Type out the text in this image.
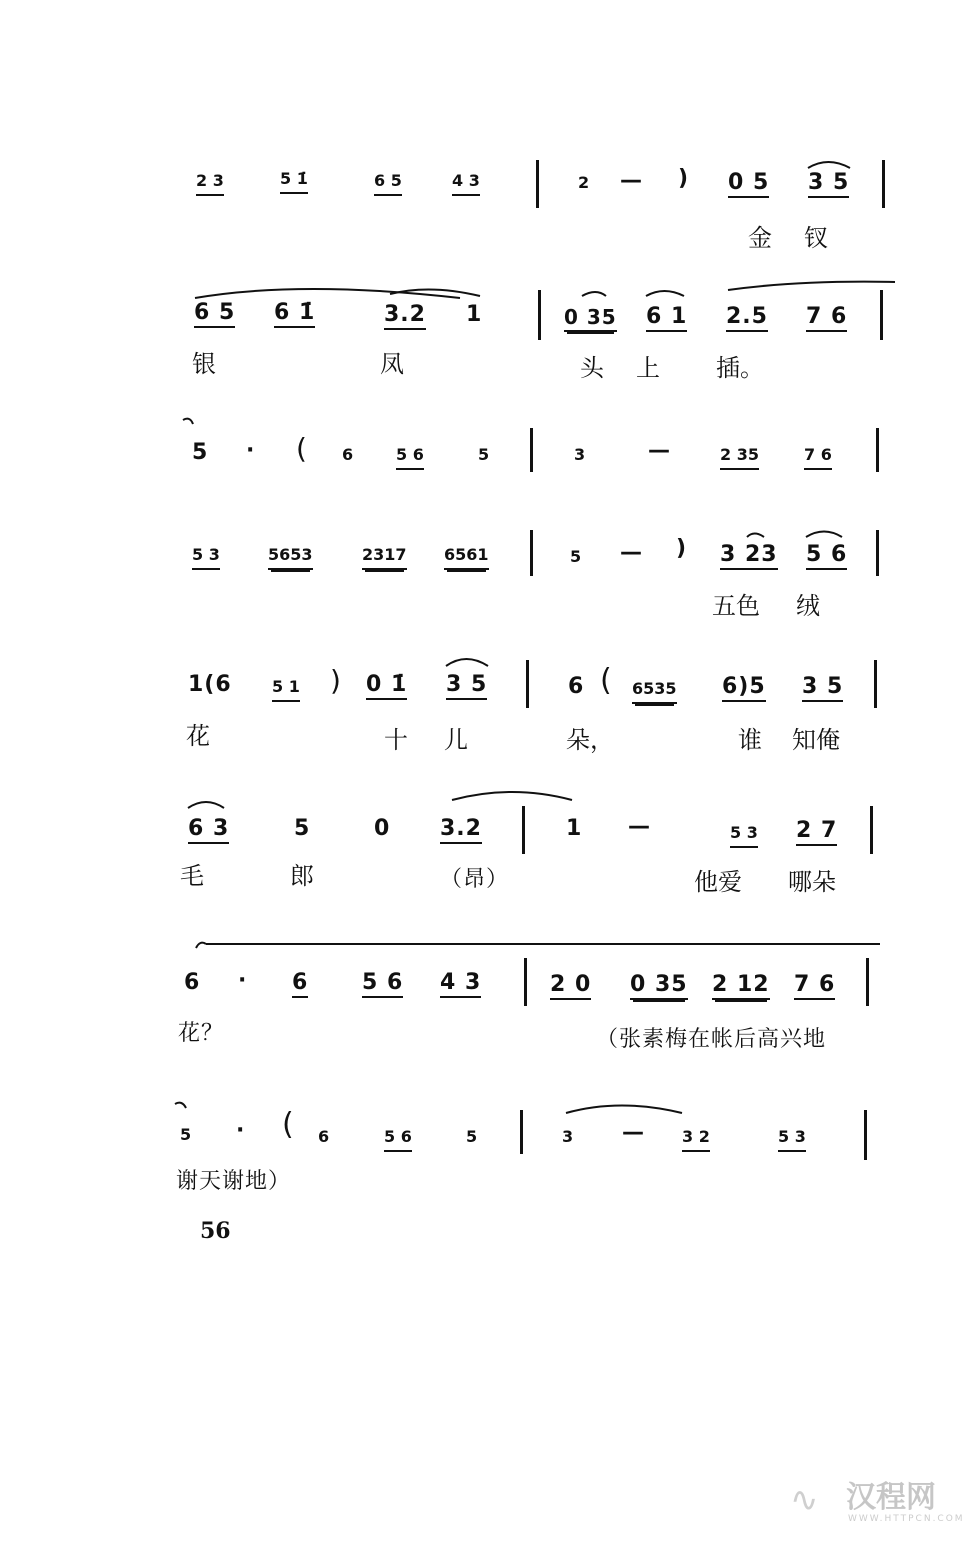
2 3	5 1̇	6 5	4 3	2 — ) 0 5 3 5
金 钗
6 5 6 1̇	3.2 1	0 35 6 1 2.5 7 6
银	凤	头 上 插。
5 · ( 6	5 6	5	3	—	2 35	7 6
5 3	5653	2317 6561	5 — ) 3 23 5 6
五色 绒
1(6	5 1 ) 0 1̇ 3 5	6 ( 6535 6)5 3 5
花	十 儿	朵，	谁 知俺
6 3	5	0 3.2	1 —	5 3 2 7
毛	郎	（昂）	他爱 哪朵
6 · 6 5 6 4 3	2 0 0 35 2 12 7 6
花？	（张素梅在帐后高兴地
5 · ( 6	5 6	5	3 — 3 2	5 3
谢天谢地）
56
∿ 汉程网
WWW.HTTPCN.COM
